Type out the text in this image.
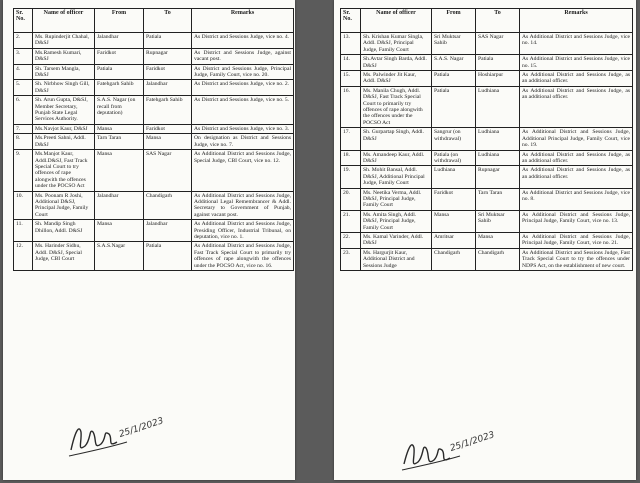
Sr. No.	Name of officer	From	To	Remarks
2.	Ms. Rupinderjit Chahal, D&SJ	Jalandhar	Patiala	As District and Sessions Judge, vice no. 4.
3.	Ms.Ramesh Kumari, D&SJ	Faridkot	Rupnagar	As District and Sessions Judge, against vacant post.
4.	Sh. Tarsem Mangla, D&SJ	Patiala	Faridkot	As District and Sessions Judge, Principal Judge, Family Court, vice no. 20.
5.	Sh. Nirbhow Singh Gill, D&SJ	Fatehgarh Sahib	Jalandhar	As District and Sessions Judge, vice no. 2.
6.	Sh. Arun Gupta, D&SJ, Member Secretary, Punjab State Legal Services Authority.	S.A.S. Nagar (on recall from deputation)	Fatehgarh Sahib	As District and Sessions Judge, vice no. 5.
7.	Ms.Navjot Kaur, D&SJ	Mansa	Faridkot	As District and Sessions Judge, vice no. 3.
8.	Ms.Preeti Sahni, Addl. D&SJ	Tarn Taran	Mansa	On designation as District and Sessions Judge, vice no. 7.
9.	Ms.Manjot Kaur, Addl.D&SJ, Fast Track Special Court to try offences of rape alongwith the offences under the POCSO Act	Mansa	SAS Nagar	As Additional District and Sessions Judge, Special Judge, CBI Court, vice no. 12.
10.	Ms. Poonam R Joshi, Additional D&SJ, Principal Judge, Family Court	Jalandhar	Chandigarh	As Additional District and Sessions Judge, Additional Legal Remembrancer & Addl. Secretary to Government of Punjab, against vacant post.
11.	Sh. Mandip Singh Dhillon, Addl. D&SJ	Mansa	Jalandhar	As Additional District and Sessions Judge, Presiding Officer, Industrial Tribunal, on deputation, vice no. 1.
12.	Ms. Harinder Sidhu, Addl. D&SJ, Special Judge, CBI Court	S.A.S.Nagar	Patiala	As Additional District and Sessions Judge, Fast Track Special Court to primarily try offences of rape alongwith the offences under the POCSO Act, vice no. 16.
25/1/2023
Sr. No.	Name of officer	From	To	Remarks
13.	Sh. Krishan Kumar Singla, Addl. D&SJ, Principal Judge, Family Court	Sri Muktsar Sahib	SAS Nagar	As Additional District and Sessions Judge, vice no. 14.
14.	Sh.Avtar Singh Barda, Addl. D&SJ	S.A.S. Nagar	Patiala	As Additional District and Sessions Judge, vice no. 15.
15.	Ms. Palwinder Jit Kaur, Addl. D&SJ	Patiala	Hoshiarpur	As Additional District and Sessions Judge, as an additional officer.
16.	Ms. Manila Chugh, Addl. D&SJ, Fast Track Special Court to primarily try offences of rape alongwith the offences under the POCSO Act	Patiala	Ludhiana	As Additional District and Sessions Judge, as an additional officer.
17.	Sh. Gurpartap Singh, Addl. D&SJ	Sangrur (on withdrawal)	Ludhiana	As Additional District and Sessions Judge, Additional Principal Judge, Family Court, vice no. 19.
18.	Ms. Amandeep Kaur, Addl. D&SJ	Patiala (on withdrawal)	Ludhiana	As Additional District and Sessions Judge, as an additional officer.
19.	Sh. Mohit Bansal, Addl. D&SJ, Additional Principal Judge, Family Court	Ludhiana	Rupnagar	As Additional District and Sessions Judge, as an additional officer.
20.	Ms. Neetika Verma, Addl. D&SJ, Principal Judge, Family Court	Faridkot	Tarn Taran	As Additional District and Sessions Judge, vice no. 8.
21.	Ms. Amita Singh, Addl. D&SJ, Principal Judge, Family Court	Mansa	Sri Muktsar Sahib	As Additional District and Sessions Judge, Principal Judge, Family Court, vice no. 13.
22.	Ms. Kamal Varinder, Addl. D&SJ	Amritsar	Mansa	As Additional District and Sessions Judge, Principal Judge, Family Court, vice no. 21.
23.	Ms. Hargurjit Kaur, Additional District and Sessions Judge	Chandigarh	Chandigarh	As Additional District and Sessions Judge, Fast Track Special Court to try the offences under NDPS Act, on the establishment of new court.
25/1/2023
